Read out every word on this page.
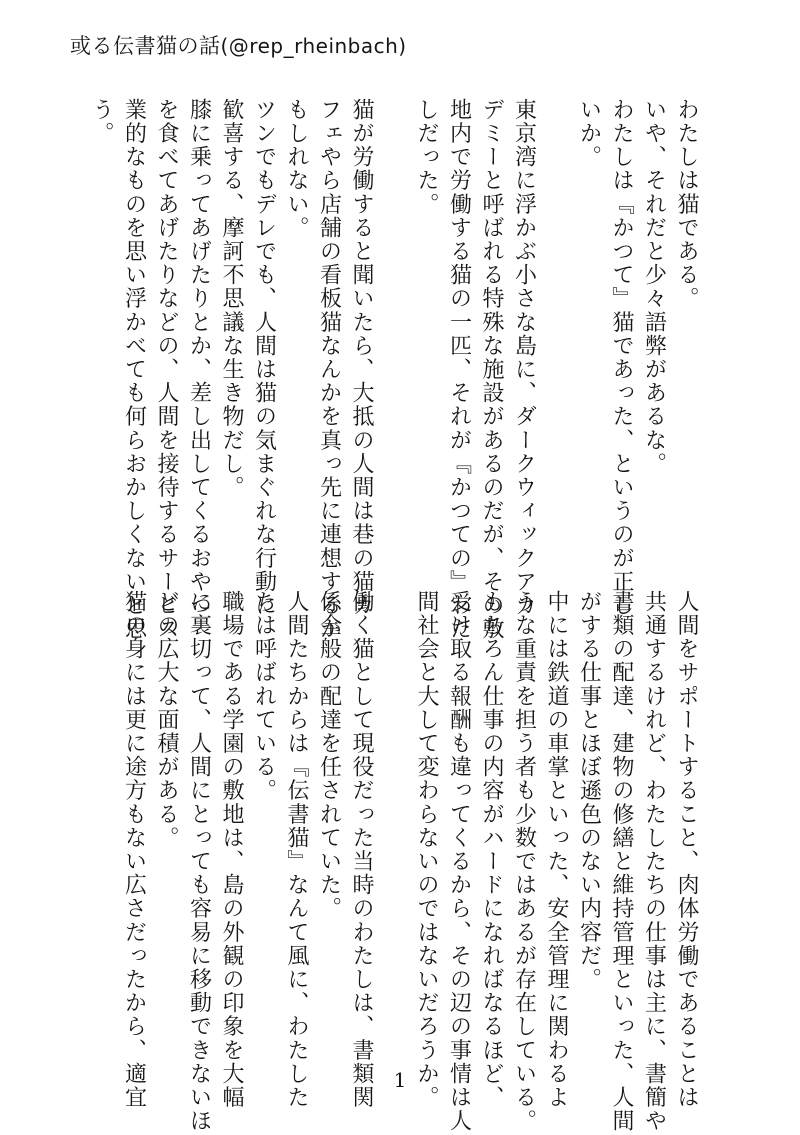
或る伝書猫の話(@rep_rheinbach)
わたしは猫である。
いや、それだと少々語弊があるな。
わたしは『かつて』猫であった、というのが正し
いか。
東京湾に浮かぶ小さな島に、ダークウィックアカ
デミーと呼ばれる特殊な施設があるのだが、その敷
地内で労働する猫の一匹、それが『かつての』わた
しだった。
猫が労働すると聞いたら、大抵の人間は巷の猫カ
フェやら店舗の看板猫なんかを真っ先に連想するか
もしれない。
ツンでもデレでも、人間は猫の気まぐれな行動に
歓喜する、摩訶不思議な生き物だし。
膝に乗ってあげたりとか、差し出してくるおやつ
を食べてあげたりなどの、人間を接待するサービス
業的なものを思い浮かべても何らおかしくないと思
う。
人間をサポートすること、肉体労働であることは
共通するけれど、わたしたちの仕事は主に、書簡や
書類の配達、建物の修繕と維持管理といった、人間
がする仕事とほぼ遜色のない内容だ。
中には鉄道の車掌といった、安全管理に関わるよ
うな重責を担う者も少数ではあるが存在している。
もちろん仕事の内容がハードになればなるほど、
受け取る報酬も違ってくるから、その辺の事情は人
間社会と大して変わらないのではないだろうか。
働く猫として現役だった当時のわたしは、書類関
係全般の配達を任されていた。
人間たちからは『伝書猫』なんて風に、わたした
ちは呼ばれている。
職場である学園の敷地は、島の外観の印象を大幅
に裏切って、人間にとっても容易に移動できないほ
どの広大な面積がある。
猫の身には更に途方もない広さだったから、適宜	1
